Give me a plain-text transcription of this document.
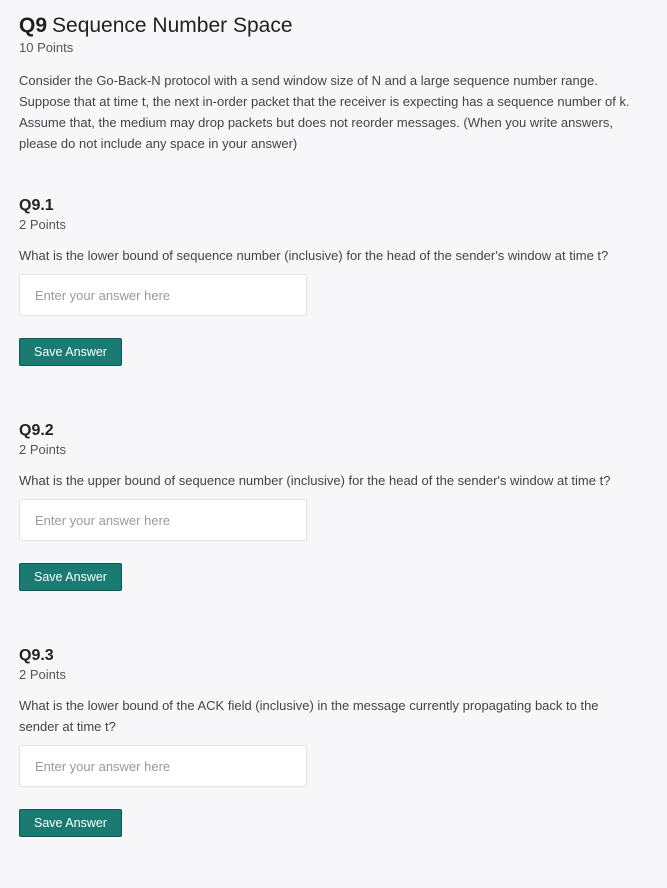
Q9 Sequence Number Space
10 Points
Consider the Go-Back-N protocol with a send window size of N and a large sequence number range. Suppose that at time t, the next in-order packet that the receiver is expecting has a sequence number of k. Assume that, the medium may drop packets but does not reorder messages. (When you write answers, please do not include any space in your answer)
Q9.1
2 Points
What is the lower bound of sequence number (inclusive) for the head of the sender's window at time t?
Enter your answer here
Save Answer
Q9.2
2 Points
What is the upper bound of sequence number (inclusive) for the head of the sender's window at time t?
Enter your answer here
Save Answer
Q9.3
2 Points
What is the lower bound of the ACK field (inclusive) in the message currently propagating back to the sender at time t?
Enter your answer here
Save Answer
